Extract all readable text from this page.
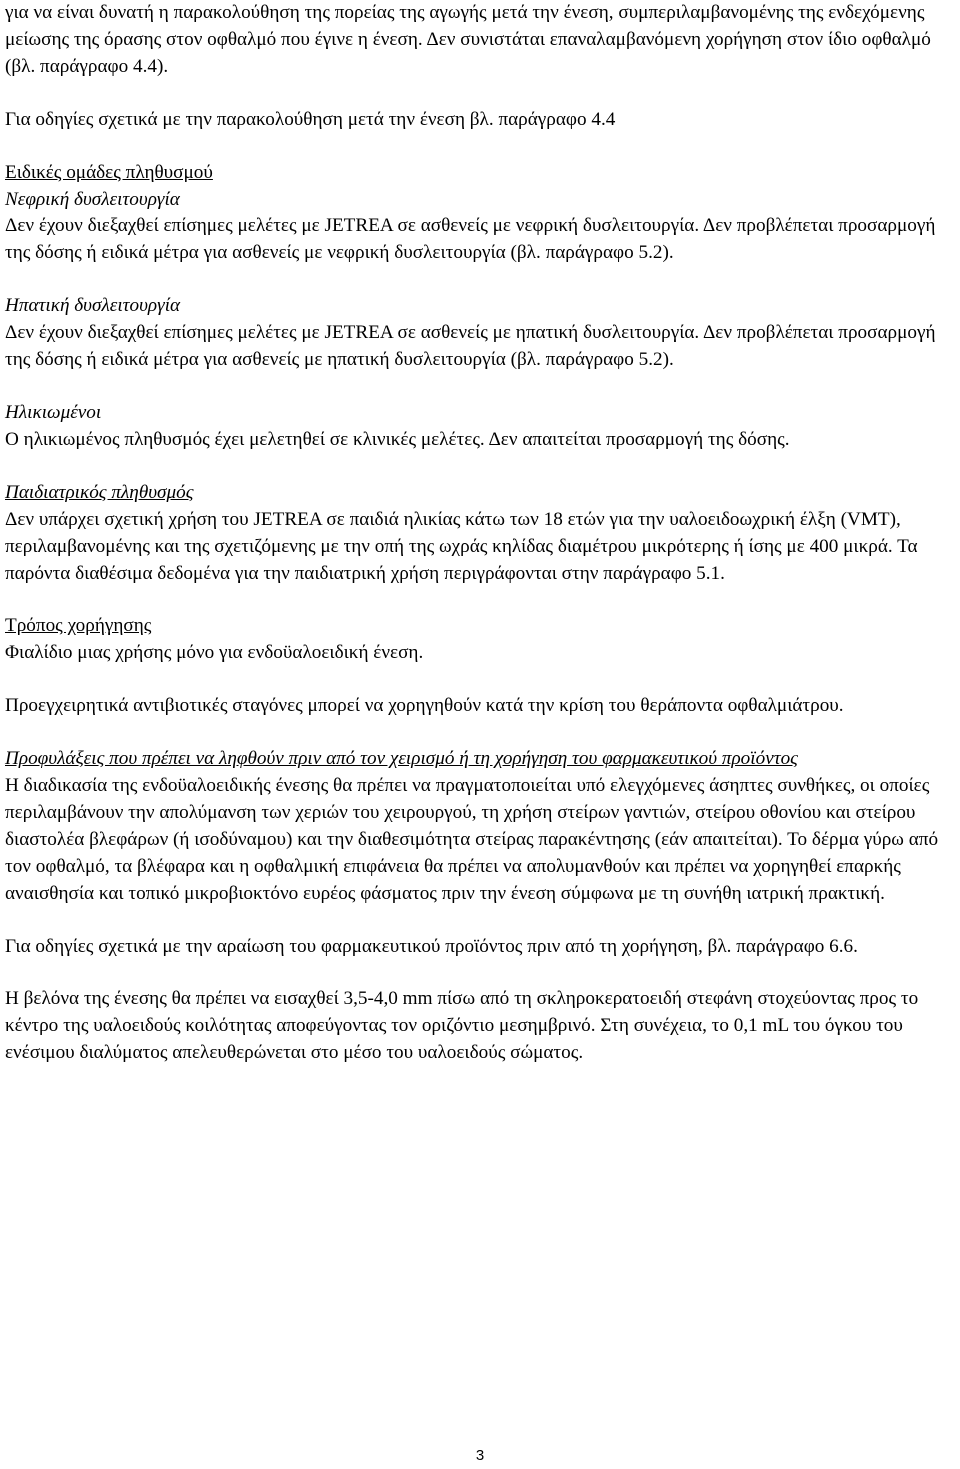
για να είναι δυνατή η παρακολούθηση της πορείας της αγωγής μετά την ένεση, συμπεριλαμβανομένης της ενδεχόμενης μείωσης της όρασης στον οφθαλμό που έγινε η ένεση. Δεν συνιστάται επαναλαμβανόμενη χορήγηση στον ίδιο οφθαλμό (βλ. παράγραφο 4.4).

Για οδηγίες σχετικά με την παρακολούθηση μετά την ένεση βλ. παράγραφο 4.4

Ειδικές ομάδες πληθυσμού

Νεφρική δυσλειτουργία

Δεν έχουν διεξαχθεί επίσημες μελέτες με JETREA σε ασθενείς με νεφρική δυσλειτουργία. Δεν προβλέπεται προσαρμογή της δόσης ή ειδικά μέτρα για ασθενείς με νεφρική δυσλειτουργία (βλ. παράγραφο 5.2).

Ηπατική δυσλειτουργία

Δεν έχουν διεξαχθεί επίσημες μελέτες με JETREA σε ασθενείς με ηπατική δυσλειτουργία. Δεν προβλέπεται προσαρμογή της δόσης ή ειδικά μέτρα για ασθενείς με ηπατική δυσλειτουργία (βλ. παράγραφο 5.2).

Ηλικιωμένοι

Ο ηλικιωμένος πληθυσμός έχει μελετηθεί σε κλινικές μελέτες. Δεν απαιτείται προσαρμογή της δόσης.

Παιδιατρικός πληθυσμός

Δεν υπάρχει σχετική χρήση του JETREA σε παιδιά ηλικίας κάτω των 18 ετών για την υαλοειδοωχρική έλξη (VMT), περιλαμβανομένης και της σχετιζόμενης με την οπή της ωχράς κηλίδας διαμέτρου μικρότερης ή ίσης με 400 μικρά. Τα παρόντα διαθέσιμα δεδομένα για την παιδιατρική χρήση περιγράφονται στην παράγραφο 5.1.

Τρόπος χορήγησης

Φιαλίδιο μιας χρήσης μόνο για ενδοϋαλοειδική ένεση.

Προεγχειρητικά αντιβιοτικές σταγόνες μπορεί να χορηγηθούν κατά την κρίση του θεράποντα οφθαλμιάτρου.

Προφυλάξεις που πρέπει να ληφθούν πριν από τον χειρισμό ή τη χορήγηση του φαρμακευτικού προϊόντος

Η διαδικασία της ενδοϋαλοειδικής ένεσης θα πρέπει να πραγματοποιείται υπό ελεγχόμενες άσηπτες συνθήκες, οι οποίες περιλαμβάνουν την απολύμανση των χεριών του χειρουργού, τη χρήση στείρων γαντιών, στείρου οθονίου και στείρου διαστολέα βλεφάρων (ή ισοδύναμου) και την διαθεσιμότητα στείρας παρακέντησης (εάν απαιτείται). Το δέρμα γύρω από τον οφθαλμό, τα βλέφαρα και η οφθαλμική επιφάνεια θα πρέπει να απολυμανθούν και πρέπει να χορηγηθεί επαρκής αναισθησία και τοπικό μικροβιοκτόνο ευρέος φάσματος πριν την ένεση σύμφωνα με τη συνήθη ιατρική πρακτική.

Για οδηγίες σχετικά με την αραίωση του φαρμακευτικού προϊόντος πριν από τη χορήγηση, βλ. παράγραφο 6.6.

Η βελόνα της ένεσης θα πρέπει να εισαχθεί 3,5-4,0 mm πίσω από τη σκληροκερατοειδή στεφάνη στοχεύοντας προς το κέντρο της υαλοειδούς κοιλότητας αποφεύγοντας τον οριζόντιο μεσημβρινό. Στη συνέχεια, το 0,1 mL του όγκου του ενέσιμου διαλύματος απελευθερώνεται στο μέσο του υαλοειδούς σώματος.

3
